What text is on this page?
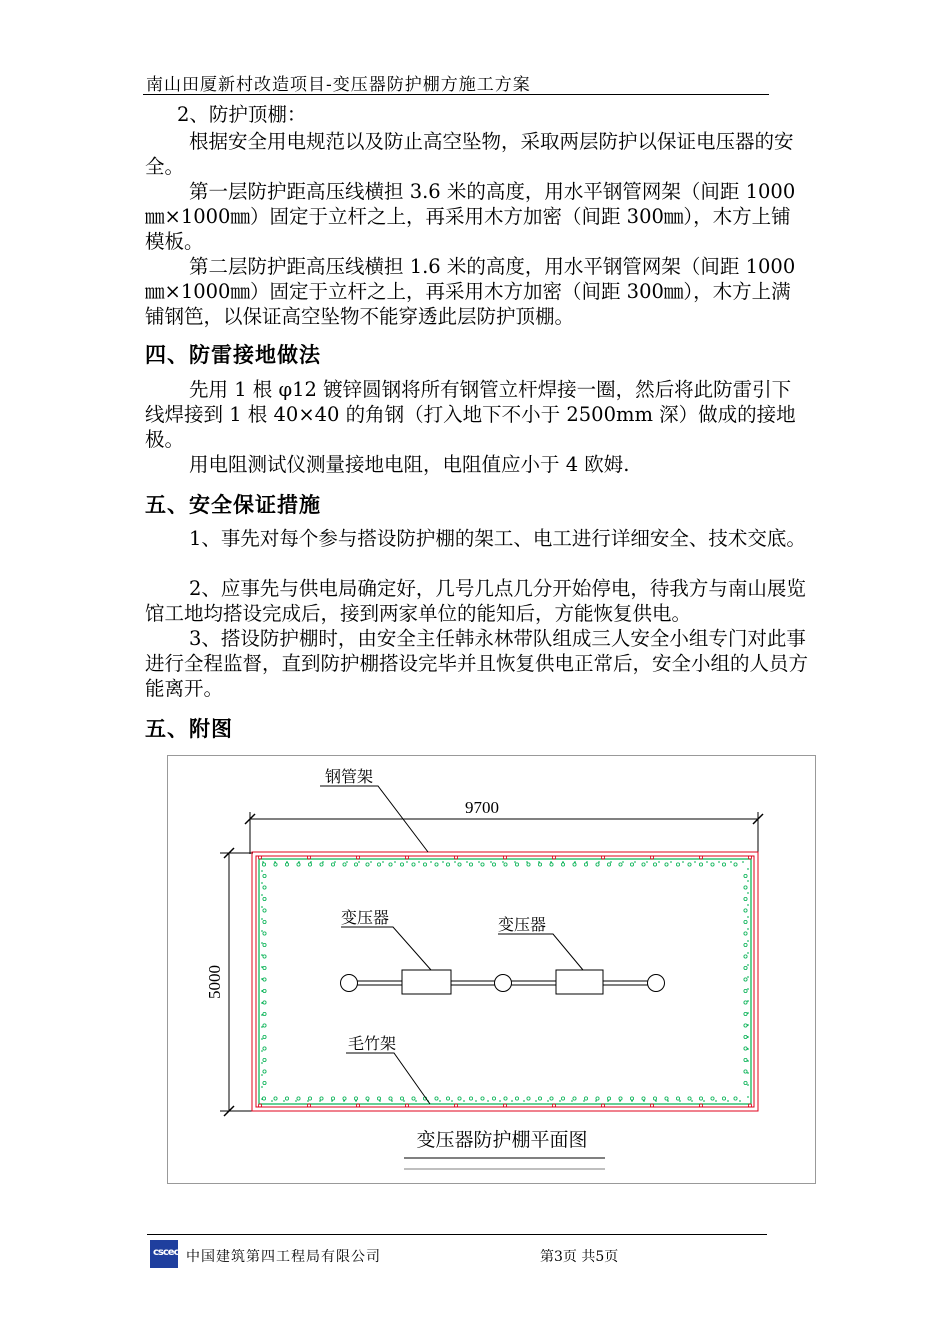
南山田厦新村改造项目-变压器防护棚方施工方案
2、防护顶棚：
根据安全用电规范以及防止高空坠物，采取两层防护以保证电压器的安全。
第一层防护距高压线横担 3.6 米的高度，用水平钢管网架（间距 1000㎜×1000㎜）固定于立杆之上，再采用木方加密（间距 300㎜），木方上铺模板。
第二层防护距高压线横担 1.6 米的高度，用水平钢管网架（间距 1000㎜×1000㎜）固定于立杆之上，再采用木方加密（间距 300㎜），木方上满铺钢笆，以保证高空坠物不能穿透此层防护顶棚。
四、防雷接地做法
先用 1 根 φ12 镀锌圆钢将所有钢管立杆焊接一圈，然后将此防雷引下线焊接到 1 根 40×40 的角钢（打入地下不小于 2500mm 深）做成的接地极。
用电阻测试仪测量接地电阻，电阻值应小于 4 欧姆.
五、安全保证措施
1、事先对每个参与搭设防护棚的架工、电工进行详细安全、技术交底。
2、应事先与供电局确定好，几号几点几分开始停电，待我方与南山展览馆工地均搭设完成后，接到两家单位的能知后，方能恢复供电。
3、搭设防护棚时，由安全主任韩永林带队组成三人安全小组专门对此事进行全程监督，直到防护棚搭设完毕并且恢复供电正常后，安全小组的人员方能离开。
五、附图
9700
5000
钢管架
变压器	变压器
毛竹架
变压器防护棚平面图
cscec 中国建筑第四工程局有限公司	第3页 共5页
